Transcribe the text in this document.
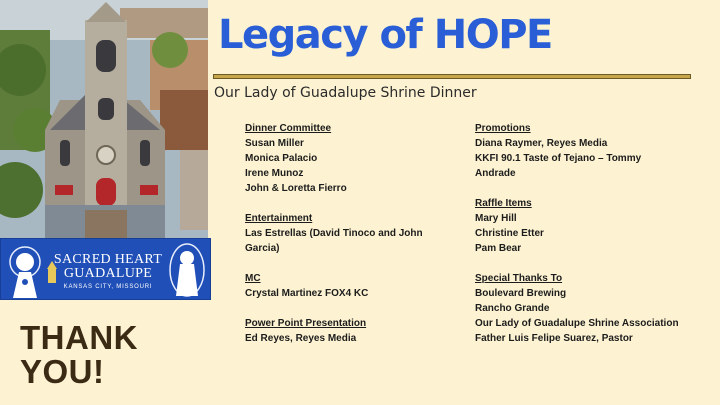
SACRED HEART
GUADALUPE
KANSAS CITY, MISSOURI
THANK
YOU!
Legacy of HOPE
Our Lady of Guadalupe Shrine Dinner
Dinner Committee
Susan Miller
Monica Palacio
Irene Munoz
John & Loretta Fierro
Entertainment
Las Estrellas (David Tinoco and John
Garcia)
MC
Crystal Martinez FOX4 KC
Power Point Presentation
Ed Reyes, Reyes Media
Promotions
Diana Raymer, Reyes Media
KKFI 90.1 Taste of Tejano – Tommy
Andrade
Raffle Items
Mary Hill
Christine Etter
Pam Bear
Special Thanks To
Boulevard Brewing
Rancho Grande
Our Lady of Guadalupe Shrine Association
Father Luis Felipe Suarez, Pastor
